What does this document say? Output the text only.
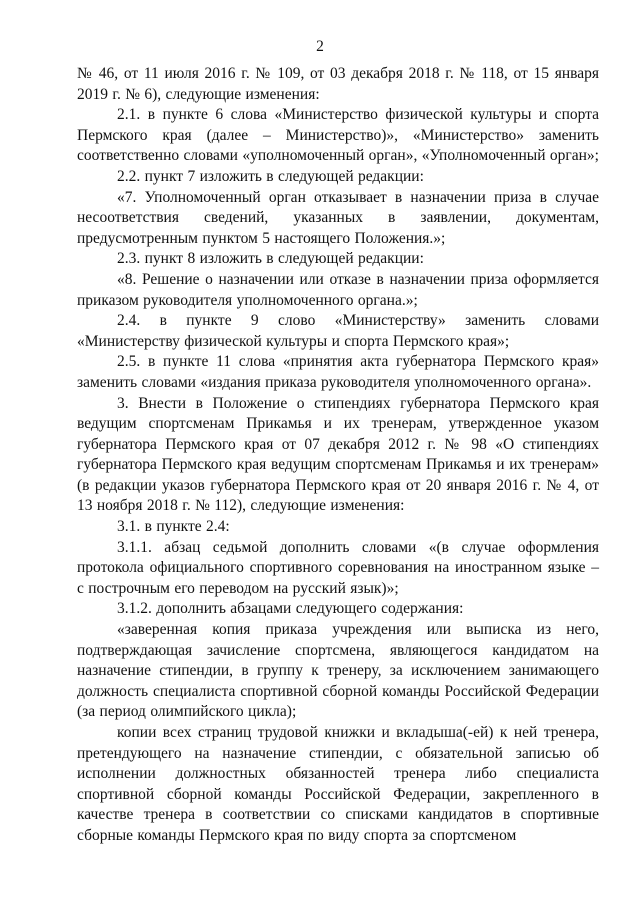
2

№ 46, от 11 июля 2016 г. № 109, от 03 декабря 2018 г. № 118, от 15 января 2019 г. № 6), следующие изменения:

2.1. в пункте 6 слова «Министерство физической культуры и спорта Пермского края (далее – Министерство)», «Министерство» заменить соответственно словами «уполномоченный орган», «Уполномоченный орган»;

2.2. пункт 7 изложить в следующей редакции:

«7. Уполномоченный орган отказывает в назначении приза в случае несоответствия сведений, указанных в заявлении, документам, предусмотренным пунктом 5 настоящего Положения.»;

2.3. пункт 8 изложить в следующей редакции:

«8. Решение о назначении или отказе в назначении приза оформляется приказом руководителя уполномоченного органа.»;

2.4. в пункте 9 слово «Министерству» заменить словами «Министерству физической культуры и спорта Пермского края»;

2.5. в пункте 11 слова «принятия акта губернатора Пермского края» заменить словами «издания приказа руководителя уполномоченного органа».

3. Внести в Положение о стипендиях губернатора Пермского края ведущим спортсменам Прикамья и их тренерам, утвержденное указом губернатора Пермского края от 07 декабря 2012 г. № 98 «О стипендиях губернатора Пермского края ведущим спортсменам Прикамья и их тренерам» (в редакции указов губернатора Пермского края от 20 января 2016 г. № 4, от 13 ноября 2018 г. № 112), следующие изменения:

3.1. в пункте 2.4:

3.1.1. абзац седьмой дополнить словами «(в случае оформления протокола официального спортивного соревнования на иностранном языке – с построчным его переводом на русский язык)»;

3.1.2. дополнить абзацами следующего содержания:

«заверенная копия приказа учреждения или выписка из него, подтверждающая зачисление спортсмена, являющегося кандидатом на назначение стипендии, в группу к тренеру, за исключением занимающего должность специалиста спортивной сборной команды Российской Федерации (за период олимпийского цикла);

копии всех страниц трудовой книжки и вкладыша(-ей) к ней тренера, претендующего на назначение стипендии, с обязательной записью об исполнении должностных обязанностей тренера либо специалиста спортивной сборной команды Российской Федерации, закрепленного в качестве тренера в соответствии со списками кандидатов в спортивные сборные команды Пермского края по виду спорта за спортсменом
